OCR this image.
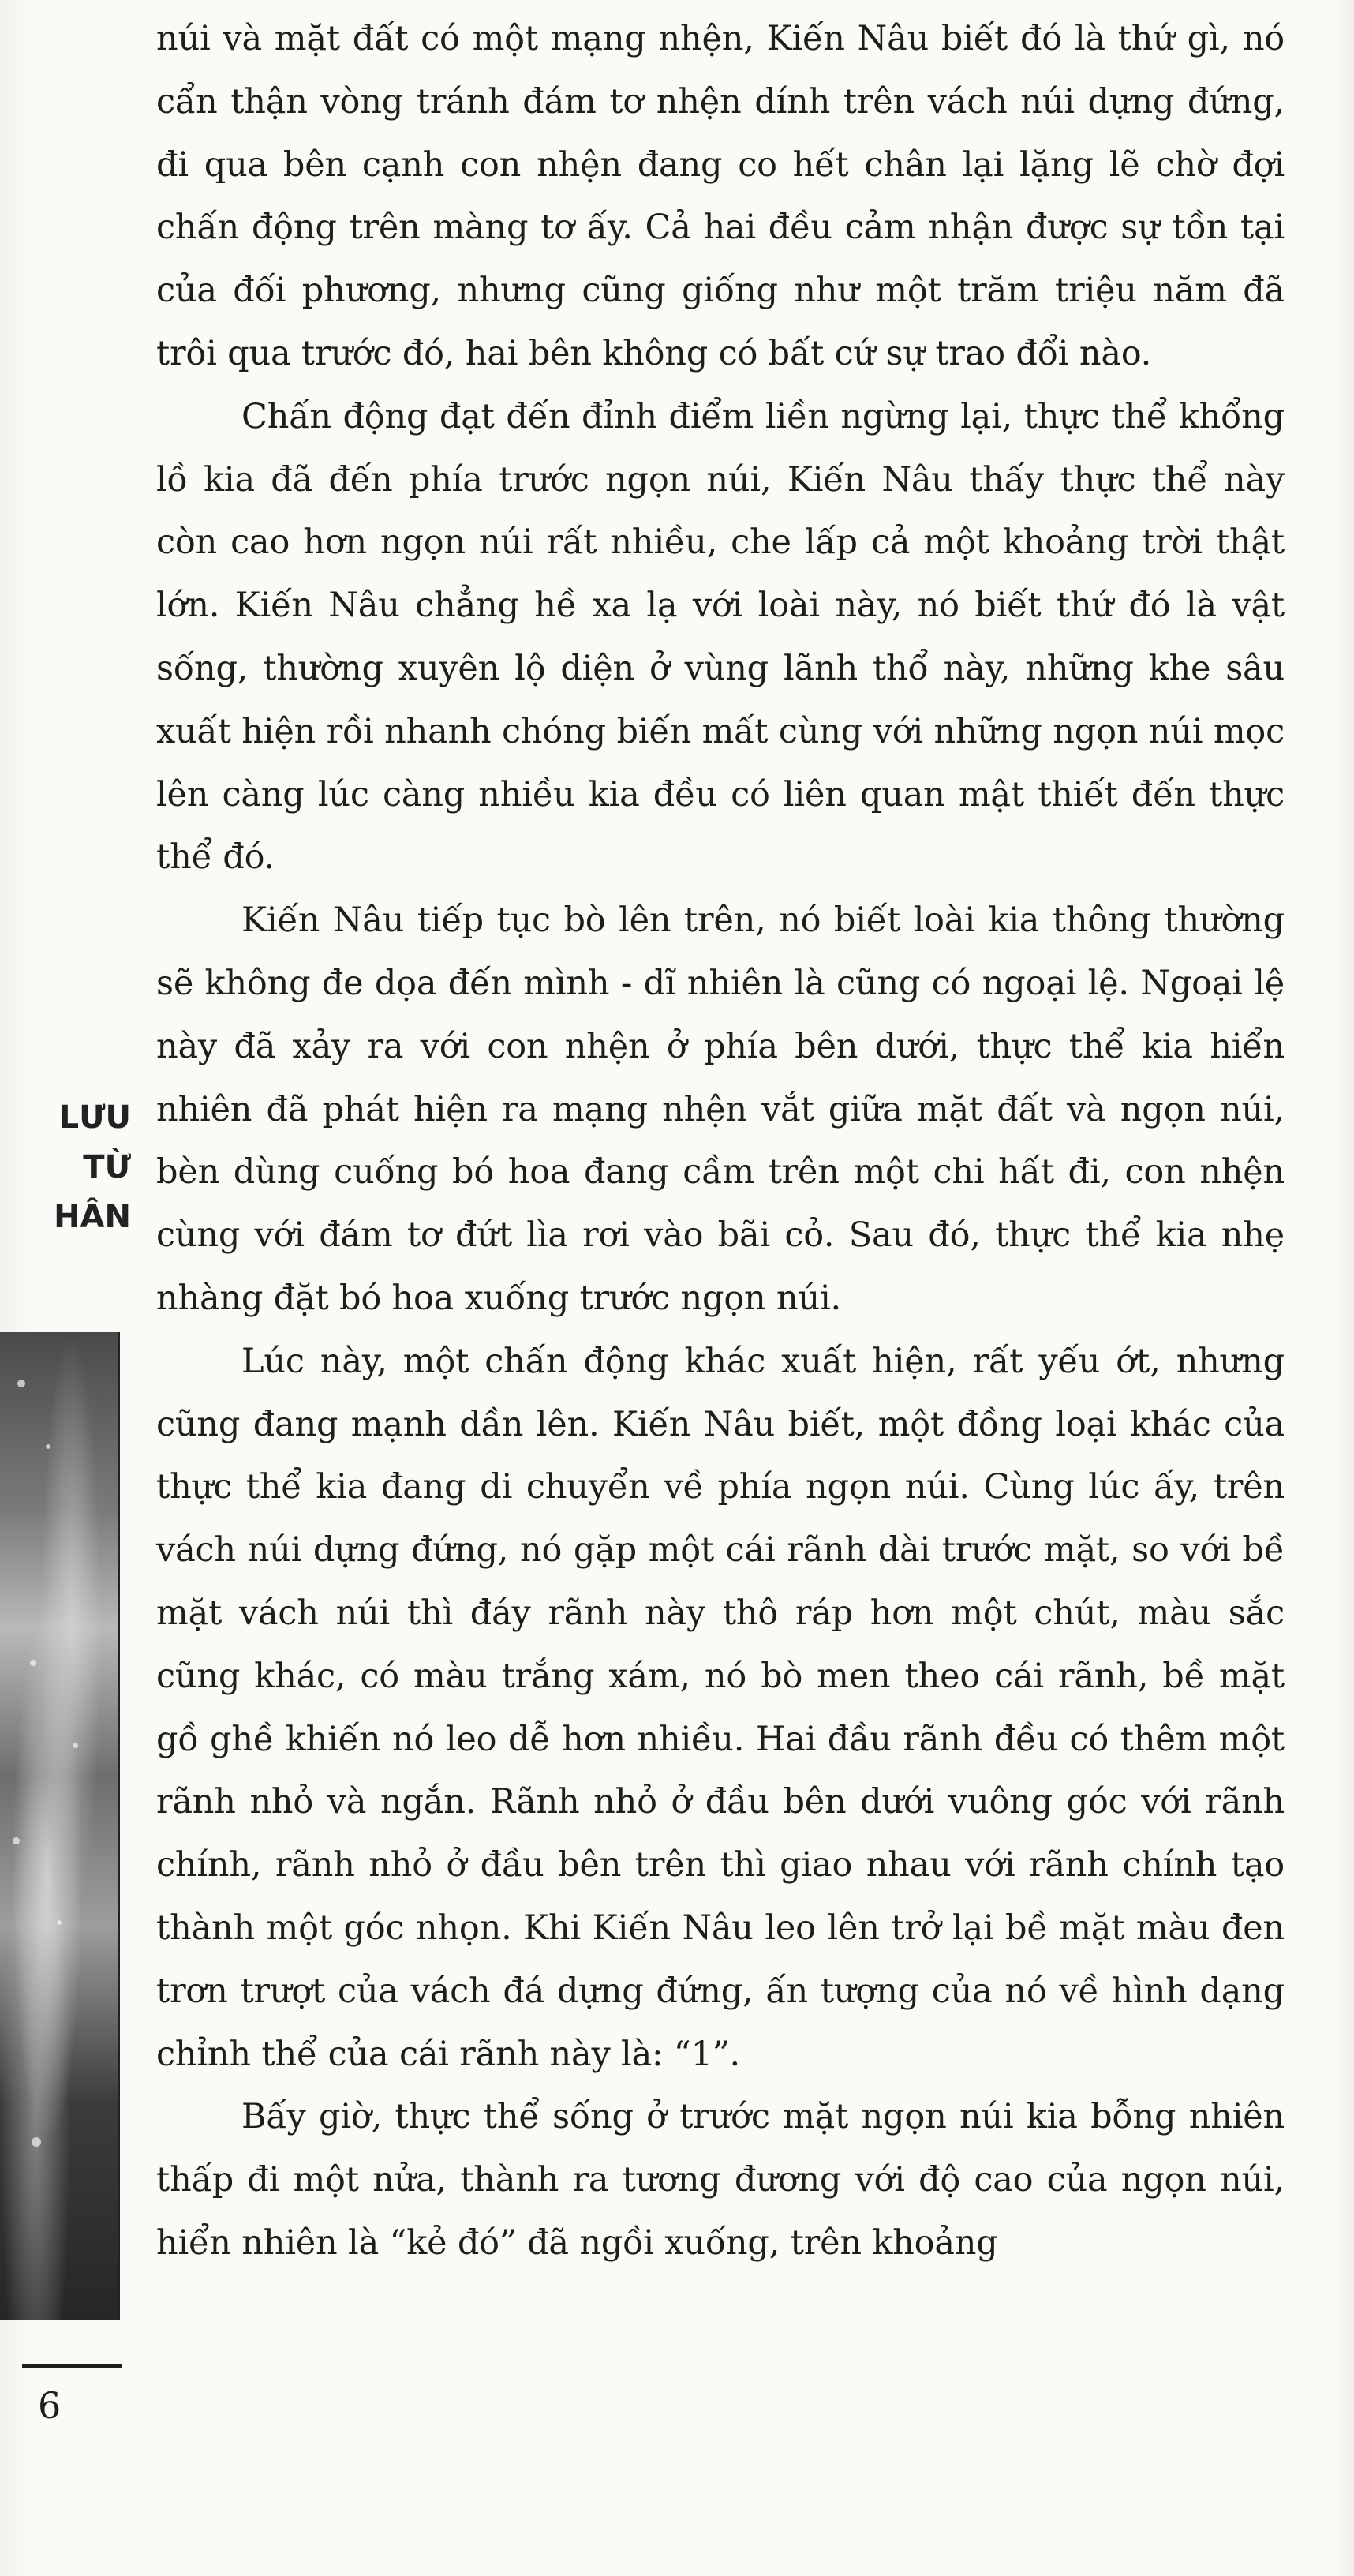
núi và mặt đất có một mạng nhện, Kiến Nâu biết đó là thứ gì, nó cẩn thận vòng tránh đám tơ nhện dính trên vách núi dựng đứng, đi qua bên cạnh con nhện đang co hết chân lại lặng lẽ chờ đợi chấn động trên màng tơ ấy. Cả hai đều cảm nhận được sự tồn tại của đối phương, nhưng cũng giống như một trăm triệu năm đã trôi qua trước đó, hai bên không có bất cứ sự trao đổi nào.

Chấn động đạt đến đỉnh điểm liền ngừng lại, thực thể khổng lồ kia đã đến phía trước ngọn núi, Kiến Nâu thấy thực thể này còn cao hơn ngọn núi rất nhiều, che lấp cả một khoảng trời thật lớn. Kiến Nâu chẳng hề xa lạ với loài này, nó biết thứ đó là vật sống, thường xuyên lộ diện ở vùng lãnh thổ này, những khe sâu xuất hiện rồi nhanh chóng biến mất cùng với những ngọn núi mọc lên càng lúc càng nhiều kia đều có liên quan mật thiết đến thực thể đó.

Kiến Nâu tiếp tục bò lên trên, nó biết loài kia thông thường sẽ không đe dọa đến mình - dĩ nhiên là cũng có ngoại lệ. Ngoại lệ này đã xảy ra với con nhện ở phía bên dưới, thực thể kia hiển nhiên đã phát hiện ra mạng nhện vắt giữa mặt đất và ngọn núi, bèn dùng cuống bó hoa đang cầm trên một chi hất đi, con nhện cùng với đám tơ đứt lìa rơi vào bãi cỏ. Sau đó, thực thể kia nhẹ nhàng đặt bó hoa xuống trước ngọn núi.

Lúc này, một chấn động khác xuất hiện, rất yếu ớt, nhưng cũng đang mạnh dần lên. Kiến Nâu biết, một đồng loại khác của thực thể kia đang di chuyển về phía ngọn núi. Cùng lúc ấy, trên vách núi dựng đứng, nó gặp một cái rãnh dài trước mặt, so với bề mặt vách núi thì đáy rãnh này thô ráp hơn một chút, màu sắc cũng khác, có màu trắng xám, nó bò men theo cái rãnh, bề mặt gồ ghề khiến nó leo dễ hơn nhiều. Hai đầu rãnh đều có thêm một rãnh nhỏ và ngắn. Rãnh nhỏ ở đầu bên dưới vuông góc với rãnh chính, rãnh nhỏ ở đầu bên trên thì giao nhau với rãnh chính tạo thành một góc nhọn. Khi Kiến Nâu leo lên trở lại bề mặt màu đen trơn trượt của vách đá dựng đứng, ấn tượng của nó về hình dạng chỉnh thể của cái rãnh này là: “1”.

Bấy giờ, thực thể sống ở trước mặt ngọn núi kia bỗng nhiên thấp đi một nửa, thành ra tương đương với độ cao của ngọn núi, hiển nhiên là “kẻ đó” đã ngồi xuống, trên khoảng

LƯU
TỪ
HÂN
6
